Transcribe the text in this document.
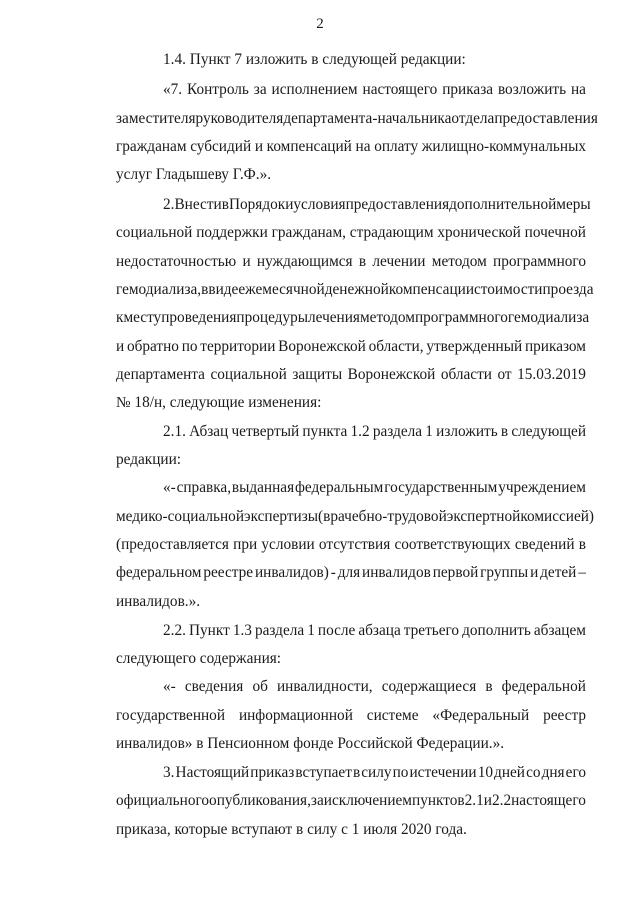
2
1.4. Пункт 7 изложить в следующей редакции:
«7. Контроль за исполнением настоящего приказа возложить на
заместителя руководителя департамента - начальника отдела предоставления
гражданам субсидий и компенсаций на оплату жилищно-коммунальных
услуг Гладышеву Г.Ф.».
2. Внести в Порядок и условия предоставления дополнительной меры
социальной поддержки гражданам, страдающим хронической почечной
недостаточностью и нуждающимся в лечении методом программного
гемодиализа, в виде ежемесячной денежной компенсации стоимости проезда
к месту проведения процедуры лечения методом программного гемодиализа
и обратно по территории Воронежской области, утвержденный приказом
департамента социальной защиты Воронежской области от 15.03.2019
№ 18/н, следующие изменения:
2.1. Абзац четвертый пункта 1.2 раздела 1 изложить в следующей
редакции:
«- справка, выданная федеральным государственным учреждением
медико-социальной экспертизы (врачебно-трудовой экспертной комиссией)
(предоставляется при условии отсутствия соответствующих сведений в
федеральном реестре инвалидов) - для инвалидов первой группы и детей –
инвалидов.».
2.2. Пункт 1.3 раздела 1 после абзаца третьего дополнить абзацем
следующего содержания:
«- сведения об инвалидности, содержащиеся в федеральной
государственной информационной системе «Федеральный реестр
инвалидов» в Пенсионном фонде Российской Федерации.».
3. Настоящий приказ вступает в силу по истечении 10 дней со дня его
официального опубликования, за исключением пунктов 2.1 и 2.2 настоящего
приказа, которые вступают в силу с 1 июля 2020 года.
